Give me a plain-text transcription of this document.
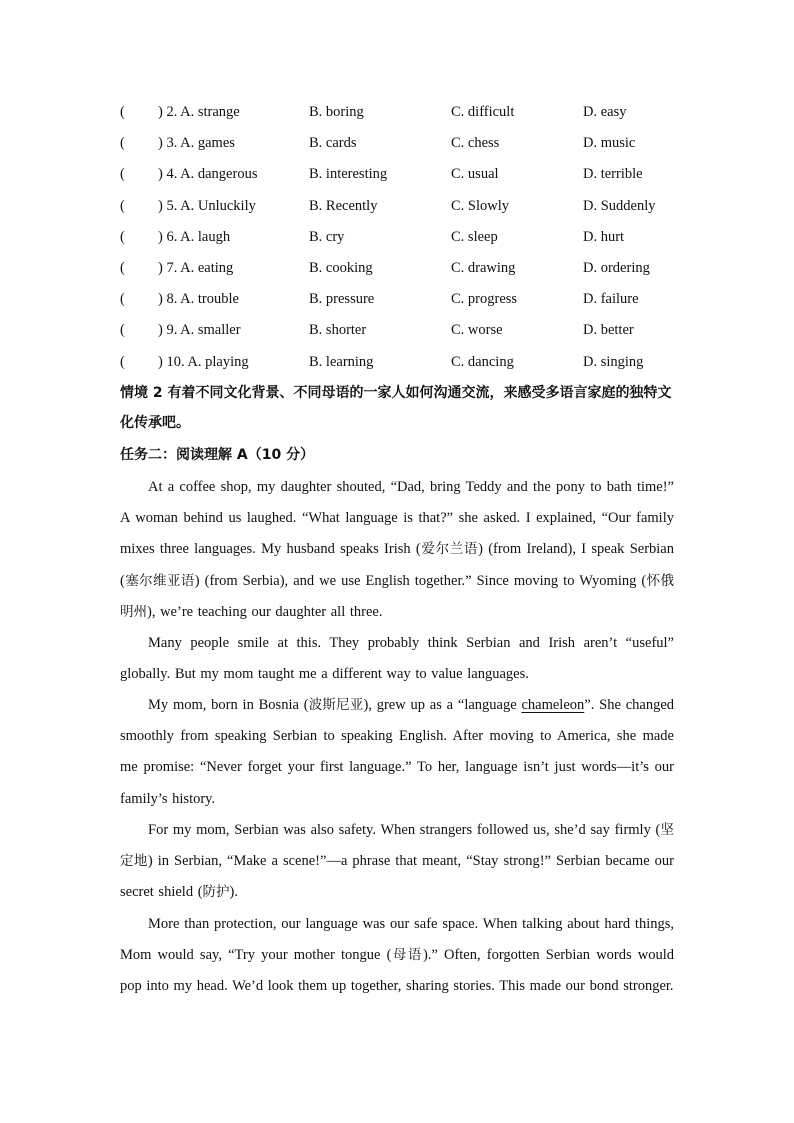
( ) 2. A. strange	B. boring	C. difficult	D. easy
( ) 3. A. games	B. cards	C. chess	D. music
( ) 4. A. dangerous	B. interesting	C. usual	D. terrible
( ) 5. A. Unluckily	B. Recently	C. Slowly	D. Suddenly
( ) 6. A. laugh	B. cry	C. sleep	D. hurt
( ) 7. A. eating	B. cooking	C. drawing	D. ordering
( ) 8. A. trouble	B. pressure	C. progress	D. failure
( ) 9. A. smaller	B. shorter	C. worse	D. better
( ) 10. A. playing	B. learning	C. dancing	D. singing
情境 2 有着不同文化背景、不同母语的一家人如何沟通交流，来感受多语言家庭的独特文化传承吧。
任务二：阅读理解 A（10 分）
At a coffee shop, my daughter shouted, “Dad, bring Teddy and the pony to bath time!” A woman behind us laughed. “What language is that?” she asked. I explained, “Our family mixes three languages. My husband speaks Irish (爱尔兰语) (from Ireland), I speak Serbian (塞尔维亚语) (from Serbia), and we use English together.” Since moving to Wyoming (怀俄明州), we’re teaching our daughter all three.
Many people smile at this. They probably think Serbian and Irish aren’t “useful” globally. But my mom taught me a different way to value languages.
My mom, born in Bosnia (波斯尼亚), grew up as a “language chameleon”. She changed smoothly from speaking Serbian to speaking English. After moving to America, she made me promise: “Never forget your first language.” To her, language isn’t just words—it’s our family’s history.
For my mom, Serbian was also safety. When strangers followed us, she’d say firmly (坚定地) in Serbian, “Make a scene!”—a phrase that meant, “Stay strong!” Serbian became our secret shield (防护).
More than protection, our language was our safe space. When talking about hard things, Mom would say, “Try your mother tongue (母语).” Often, forgotten Serbian words would pop into my head. We’d look them up together, sharing stories. This made our bond stronger.
